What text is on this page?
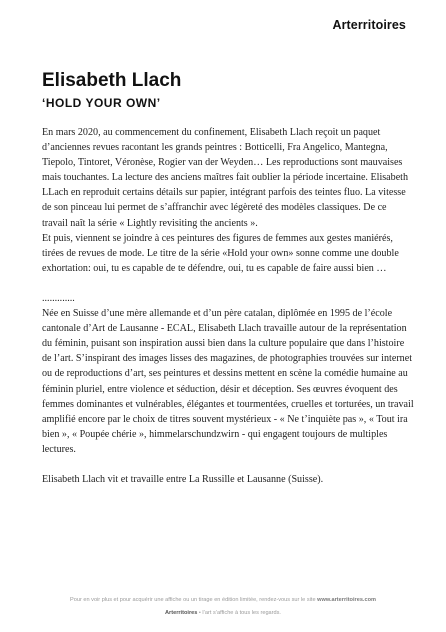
Arterritoires
Elisabeth Llach
‘HOLD YOUR OWN’

En mars 2020, au commencement du confinement, Elisabeth Llach reçoit un paquet d’anciennes revues racontant les grands peintres : Botticelli, Fra Angelico, Mantegna, Tiepolo, Tintoret, Véronèse, Rogier van der Weyden… Les reproductions sont mauvaises mais touchantes. La lecture des anciens maîtres fait oublier la période incertaine. Elisabeth LLach en reproduit certains détails sur papier, intégrant parfois des teintes fluo. La vitesse de son pinceau lui permet de s’affranchir avec légèreté des modèles classiques. De ce travail naît la série « Lightly revisiting the ancients ».

Et puis, viennent se joindre à ces peintures des figures de femmes aux gestes maniérés, tirées de revues de mode. Le titre de la série «Hold your own» sonne comme une double exhortation: oui, tu es capable de te défendre, oui, tu es capable de faire aussi bien …

.............

Née en Suisse d’une mère allemande et d’un père catalan, diplômée en 1995 de l’école cantonale d’Art de Lausanne - ECAL, Elisabeth Llach travaille autour de la représentation du féminin, puisant son inspiration aussi bien dans la culture populaire que dans l’histoire de l’art. S’inspirant des images lisses des magazines, de photographies trouvées sur internet ou de reproductions d’art, ses peintures et dessins mettent en scène la comédie humaine au féminin pluriel, entre violence et séduction, désir et déception. Ses œuvres évoquent des femmes dominantes et vulnérables, élégantes et tourmentées, cruelles et torturées, un travail amplifié encore par le choix de titres souvent mystérieux - « Ne t’inquiète pas », « Tout ira bien », « Poupée chérie », himmelarschundzwirn - qui engagent toujours de multiples lectures.

Elisabeth Llach vit et travaille entre La Russille et Lausanne (Suisse).

Pour en voir plus et pour acquérir une affiche ou un tirage en édition limitée, rendez-vous sur le site www.arterritoires.com
Arterritoires • l’art s’affiche à tous les regards.
